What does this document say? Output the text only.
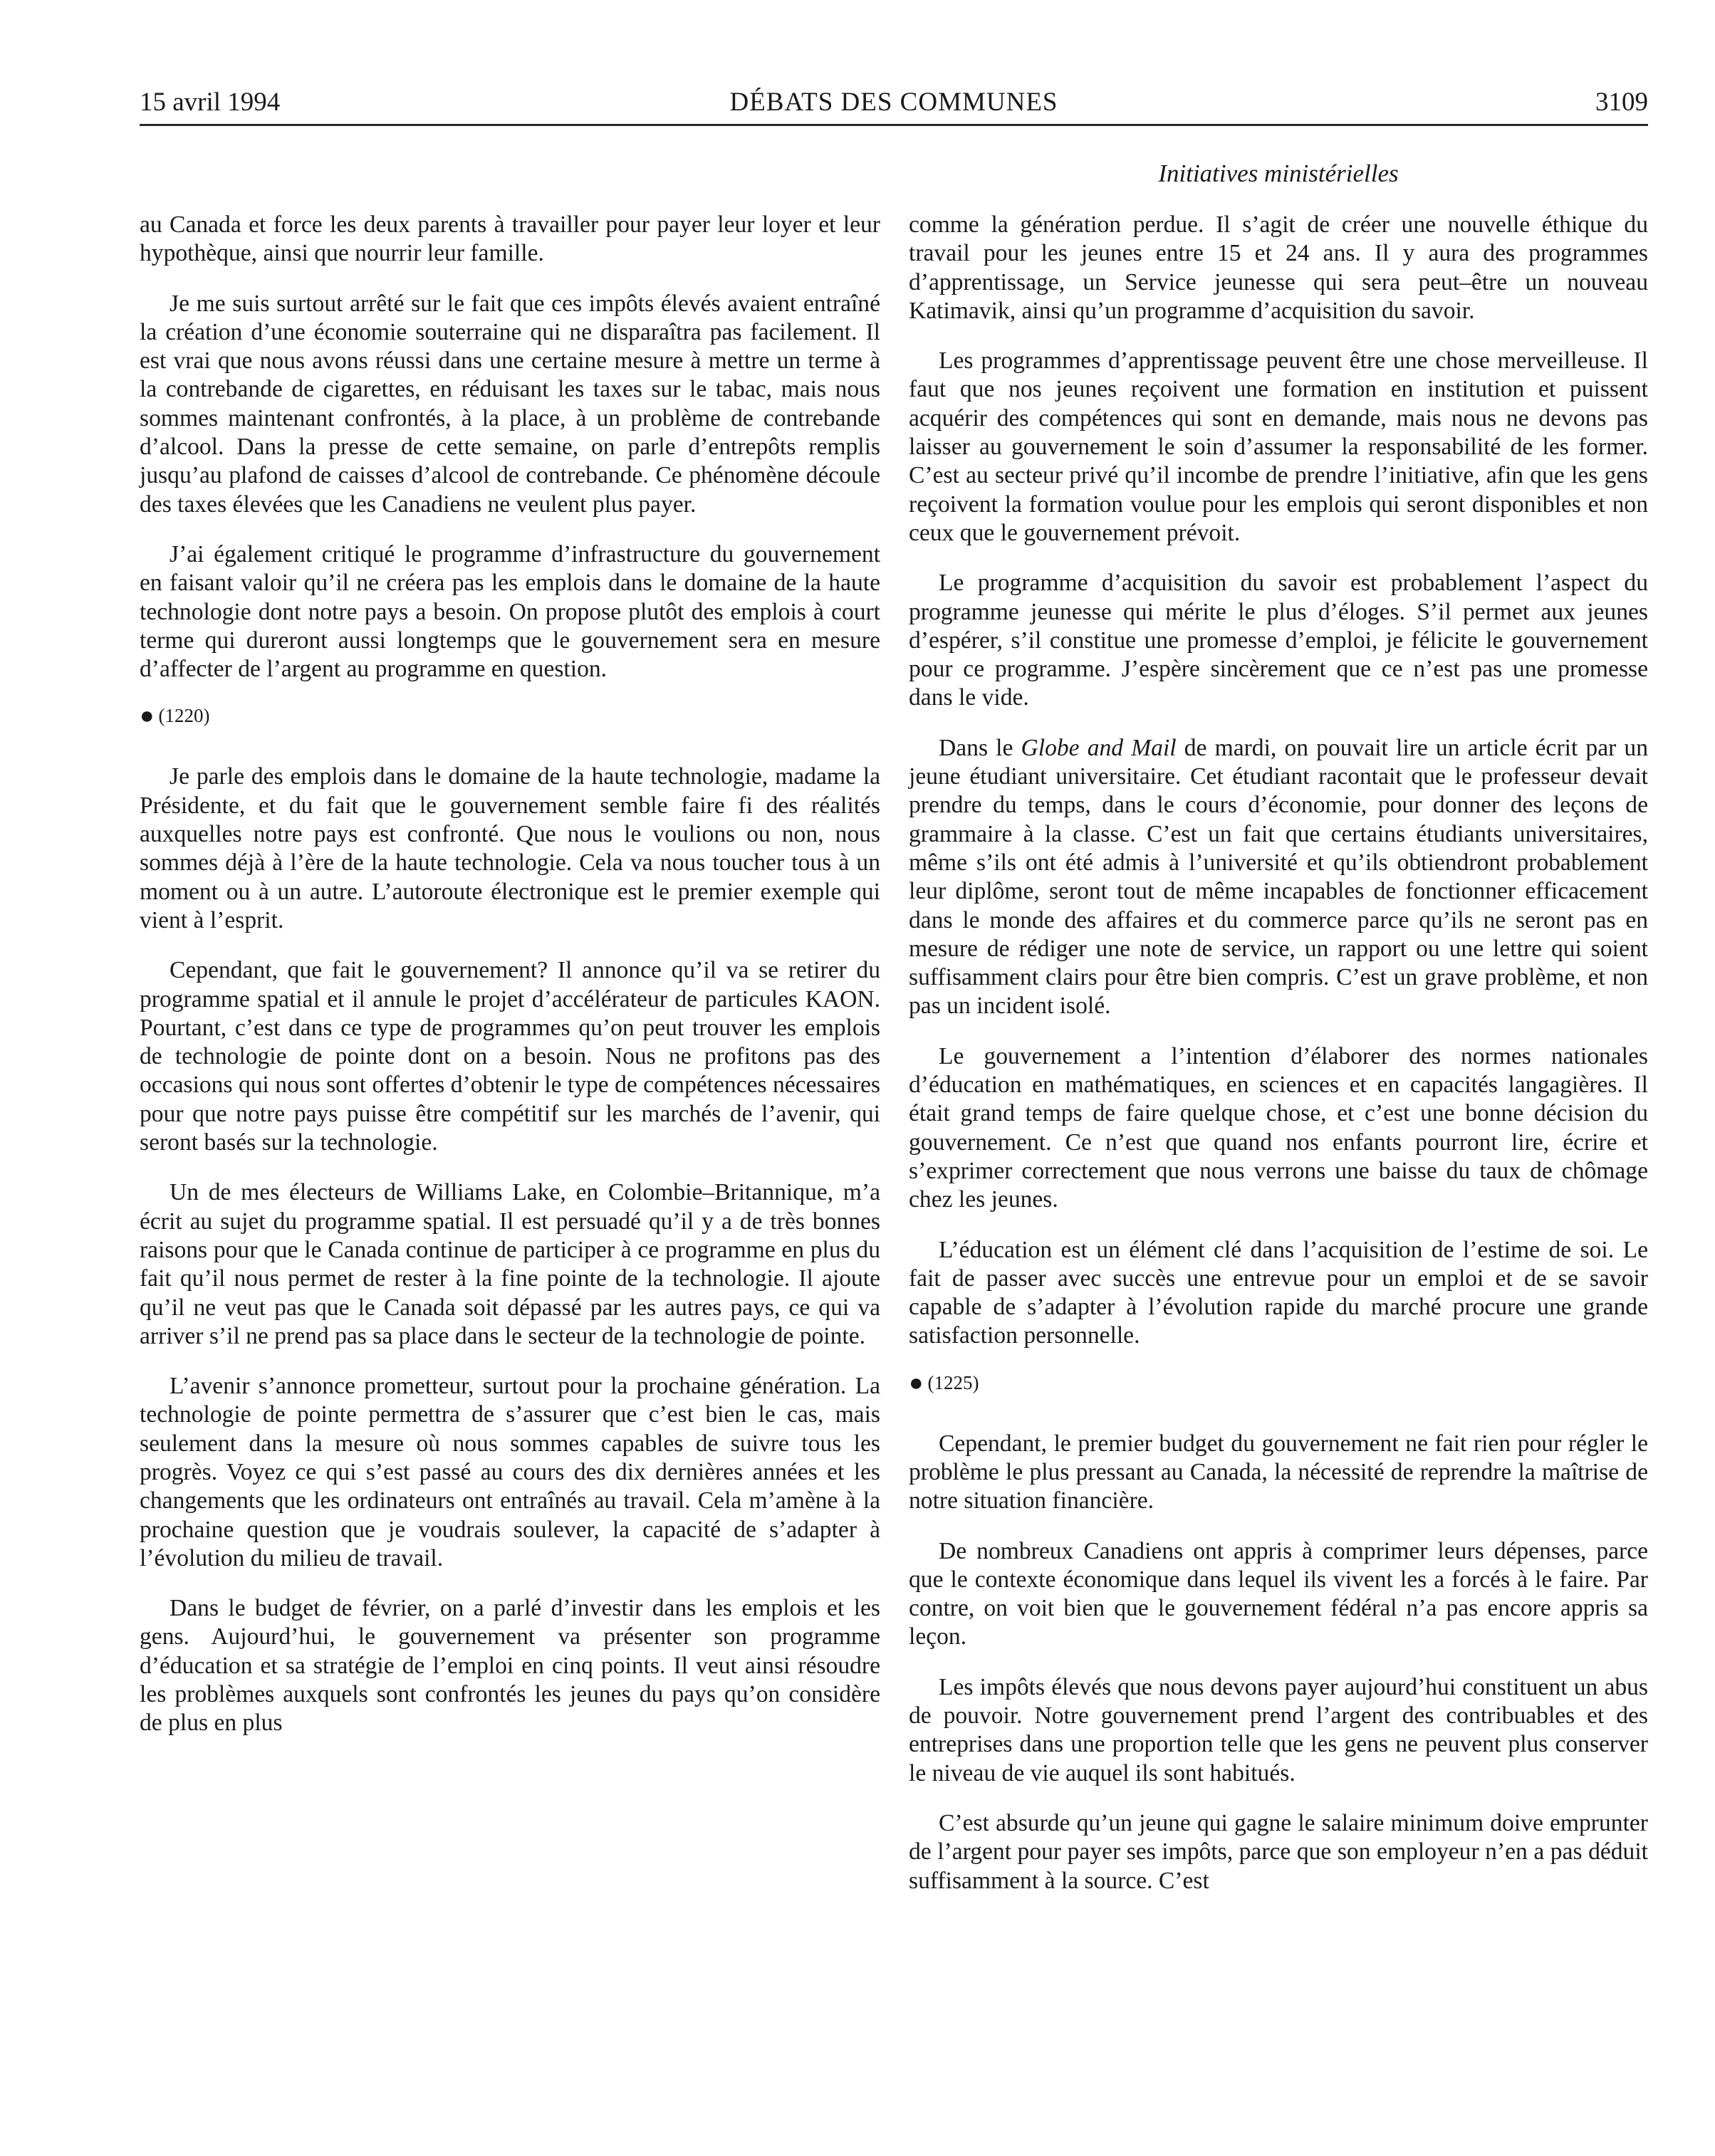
15 avril 1994	DÉBATS DES COMMUNES	3109
Initiatives ministérielles

au Canada et force les deux parents à travailler pour payer leur loyer et leur hypothèque, ainsi que nourrir leur famille.

Je me suis surtout arrêté sur le fait que ces impôts élevés avaient entraîné la création d’une économie souterraine qui ne disparaîtra pas facilement. Il est vrai que nous avons réussi dans une certaine mesure à mettre un terme à la contrebande de cigarettes, en réduisant les taxes sur le tabac, mais nous sommes maintenant confrontés, à la place, à un problème de contrebande d’alcool. Dans la presse de cette semaine, on parle d’entrepôts remplis jusqu’au plafond de caisses d’alcool de contrebande. Ce phénomène découle des taxes élevées que les Canadiens ne veulent plus payer.

J’ai également critiqué le programme d’infrastructure du gouvernement en faisant valoir qu’il ne créera pas les emplois dans le domaine de la haute technologie dont notre pays a besoin. On propose plutôt des emplois à court terme qui dureront aussi longtemps que le gouvernement sera en mesure d’affecter de l’argent au programme en question.

● (1220)

Je parle des emplois dans le domaine de la haute technologie, madame la Présidente, et du fait que le gouvernement semble faire fi des réalités auxquelles notre pays est confronté. Que nous le voulions ou non, nous sommes déjà à l’ère de la haute technologie. Cela va nous toucher tous à un moment ou à un autre. L’autoroute électronique est le premier exemple qui vient à l’esprit.

Cependant, que fait le gouvernement? Il annonce qu’il va se retirer du programme spatial et il annule le projet d’accélérateur de particules KAON. Pourtant, c’est dans ce type de programmes qu’on peut trouver les emplois de technologie de pointe dont on a besoin. Nous ne profitons pas des occasions qui nous sont offertes d’obtenir le type de compétences nécessaires pour que notre pays puisse être compétitif sur les marchés de l’avenir, qui seront basés sur la technologie.

Un de mes électeurs de Williams Lake, en Colombie–Britannique, m’a écrit au sujet du programme spatial. Il est persuadé qu’il y a de très bonnes raisons pour que le Canada continue de participer à ce programme en plus du fait qu’il nous permet de rester à la fine pointe de la technologie. Il ajoute qu’il ne veut pas que le Canada soit dépassé par les autres pays, ce qui va arriver s’il ne prend pas sa place dans le secteur de la technologie de pointe.

L’avenir s’annonce prometteur, surtout pour la prochaine génération. La technologie de pointe permettra de s’assurer que c’est bien le cas, mais seulement dans la mesure où nous sommes capables de suivre tous les progrès. Voyez ce qui s’est passé au cours des dix dernières années et les changements que les ordinateurs ont entraînés au travail. Cela m’amène à la prochaine question que je voudrais soulever, la capacité de s’adapter à l’évolution du milieu de travail.

Dans le budget de février, on a parlé d’investir dans les emplois et les gens. Aujourd’hui, le gouvernement va présenter son programme d’éducation et sa stratégie de l’emploi en cinq points. Il veut ainsi résoudre les problèmes auxquels sont confrontés les jeunes du pays qu’on considère de plus en plus

comme la génération perdue. Il s’agit de créer une nouvelle éthique du travail pour les jeunes entre 15 et 24 ans. Il y aura des programmes d’apprentissage, un Service jeunesse qui sera peut–être un nouveau Katimavik, ainsi qu’un programme d’acquisition du savoir.

Les programmes d’apprentissage peuvent être une chose merveilleuse. Il faut que nos jeunes reçoivent une formation en institution et puissent acquérir des compétences qui sont en demande, mais nous ne devons pas laisser au gouvernement le soin d’assumer la responsabilité de les former. C’est au secteur privé qu’il incombe de prendre l’initiative, afin que les gens reçoivent la formation voulue pour les emplois qui seront disponibles et non ceux que le gouvernement prévoit.

Le programme d’acquisition du savoir est probablement l’aspect du programme jeunesse qui mérite le plus d’éloges. S’il permet aux jeunes d’espérer, s’il constitue une promesse d’emploi, je félicite le gouvernement pour ce programme. J’espère sincèrement que ce n’est pas une promesse dans le vide.

Dans le Globe and Mail de mardi, on pouvait lire un article écrit par un jeune étudiant universitaire. Cet étudiant racontait que le professeur devait prendre du temps, dans le cours d’économie, pour donner des leçons de grammaire à la classe. C’est un fait que certains étudiants universitaires, même s’ils ont été admis à l’université et qu’ils obtiendront probablement leur diplôme, seront tout de même incapables de fonctionner efficacement dans le monde des affaires et du commerce parce qu’ils ne seront pas en mesure de rédiger une note de service, un rapport ou une lettre qui soient suffisamment clairs pour être bien compris. C’est un grave problème, et non pas un incident isolé.

Le gouvernement a l’intention d’élaborer des normes nationales d’éducation en mathématiques, en sciences et en capacités langagières. Il était grand temps de faire quelque chose, et c’est une bonne décision du gouvernement. Ce n’est que quand nos enfants pourront lire, écrire et s’exprimer correctement que nous verrons une baisse du taux de chômage chez les jeunes.

L’éducation est un élément clé dans l’acquisition de l’estime de soi. Le fait de passer avec succès une entrevue pour un emploi et de se savoir capable de s’adapter à l’évolution rapide du marché procure une grande satisfaction personnelle.

● (1225)

Cependant, le premier budget du gouvernement ne fait rien pour régler le problème le plus pressant au Canada, la nécessité de reprendre la maîtrise de notre situation financière.

De nombreux Canadiens ont appris à comprimer leurs dépenses, parce que le contexte économique dans lequel ils vivent les a forcés à le faire. Par contre, on voit bien que le gouvernement fédéral n’a pas encore appris sa leçon.

Les impôts élevés que nous devons payer aujourd’hui constituent un abus de pouvoir. Notre gouvernement prend l’argent des contribuables et des entreprises dans une proportion telle que les gens ne peuvent plus conserver le niveau de vie auquel ils sont habitués.

C’est absurde qu’un jeune qui gagne le salaire minimum doive emprunter de l’argent pour payer ses impôts, parce que son employeur n’en a pas déduit suffisamment à la source. C’est
